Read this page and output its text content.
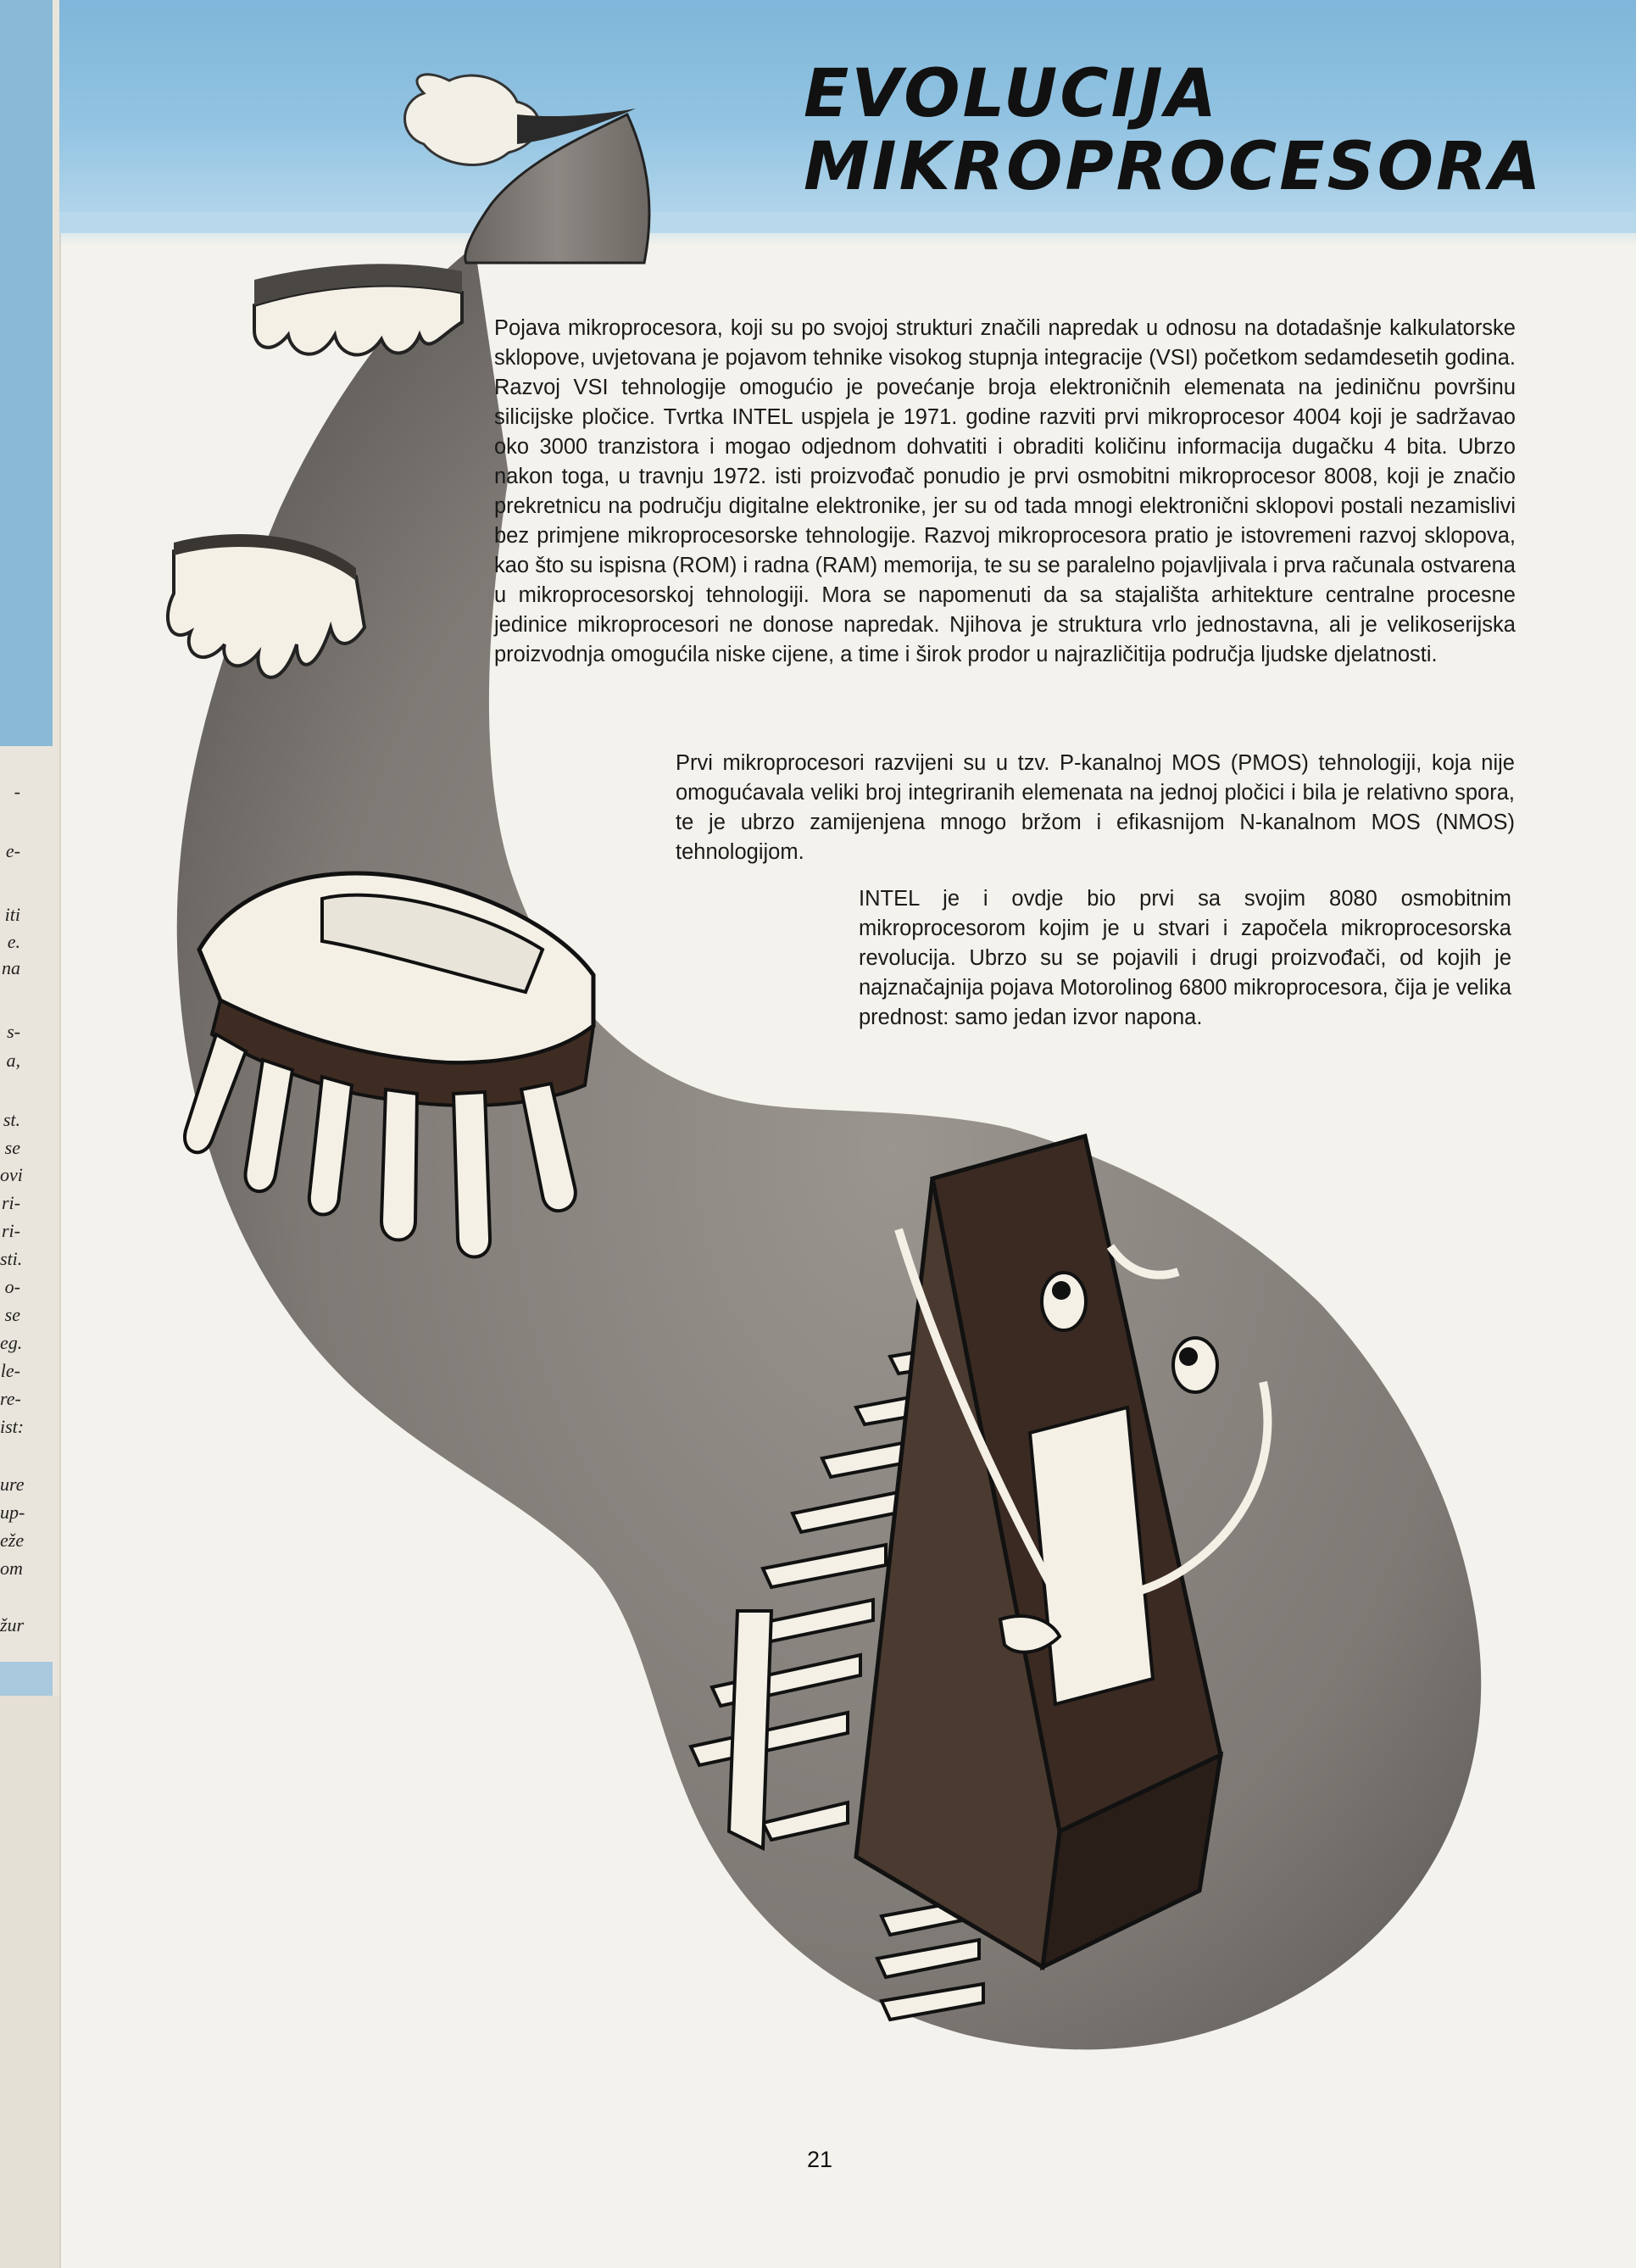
-
e-
iti
e.
na
s-
a,
st.
se
ovi
ri-
ri-
sti.
o-
se
eg.
le-
re-
ist:
ure
up-
eže
om
žur
EVOLUCIJA
MIKROPROCESORA

Pojava mikroprocesora, koji su po svojoj strukturi značili napredak u odnosu na dotadašnje kalkulatorske sklopove, uvjetovana je pojavom tehnike visokog stupnja integracije (VSI) početkom sedamdesetih godina. Razvoj VSI tehnologije omogućio je povećanje broja elektroničnih elemenata na jediničnu površinu silicijske pločice. Tvrtka INTEL uspjela je 1971. godine razviti prvi mikroprocesor 4004 koji je sadržavao oko 3000 tranzistora i mogao odjednom dohvatiti i obraditi količinu informacija dugačku 4 bita. Ubrzo nakon toga, u travnju 1972. isti proizvođač ponudio je prvi osmobitni mikroprocesor 8008, koji je značio prekretnicu na području digitalne elektronike, jer su od tada mnogi elektronični sklopovi postali nezamislivi bez primjene mikroprocesorske tehnologije. Razvoj mikroprocesora pratio je istovremeni razvoj sklopova, kao što su ispisna (ROM) i radna (RAM) memorija, te su se paralelno pojavljivala i prva računala ostvarena u mikroprocesorskoj tehnologiji. Mora se napomenuti da sa stajališta arhitekture centralne procesne jedinice mikroprocesori ne donose napredak. Njihova je struktura vrlo jednostavna, ali je velikoserijska proizvodnja omogućila niske cijene, a time i širok prodor u najrazličitija područja ljudske djelatnosti.

Prvi mikroprocesori razvijeni su u tzv. P-kanalnoj MOS (PMOS) tehnologiji, koja nije omogućavala veliki broj integriranih elemenata na jednoj pločici i bila je relativno spora, te je ubrzo zamijenjena mnogo bržom i efikasnijom N-kanalnom MOS (NMOS) tehnologijom.

INTEL je i ovdje bio prvi sa svojim 8080 osmobitnim mikroprocesorom kojim je u stvari i započela mikroprocesorska revolucija. Ubrzo su se pojavili i drugi proizvođači, od kojih je najznačajnija pojava Motorolinog 6800 mikroprocesora, čija je velika prednost: samo jedan izvor napona.

21
